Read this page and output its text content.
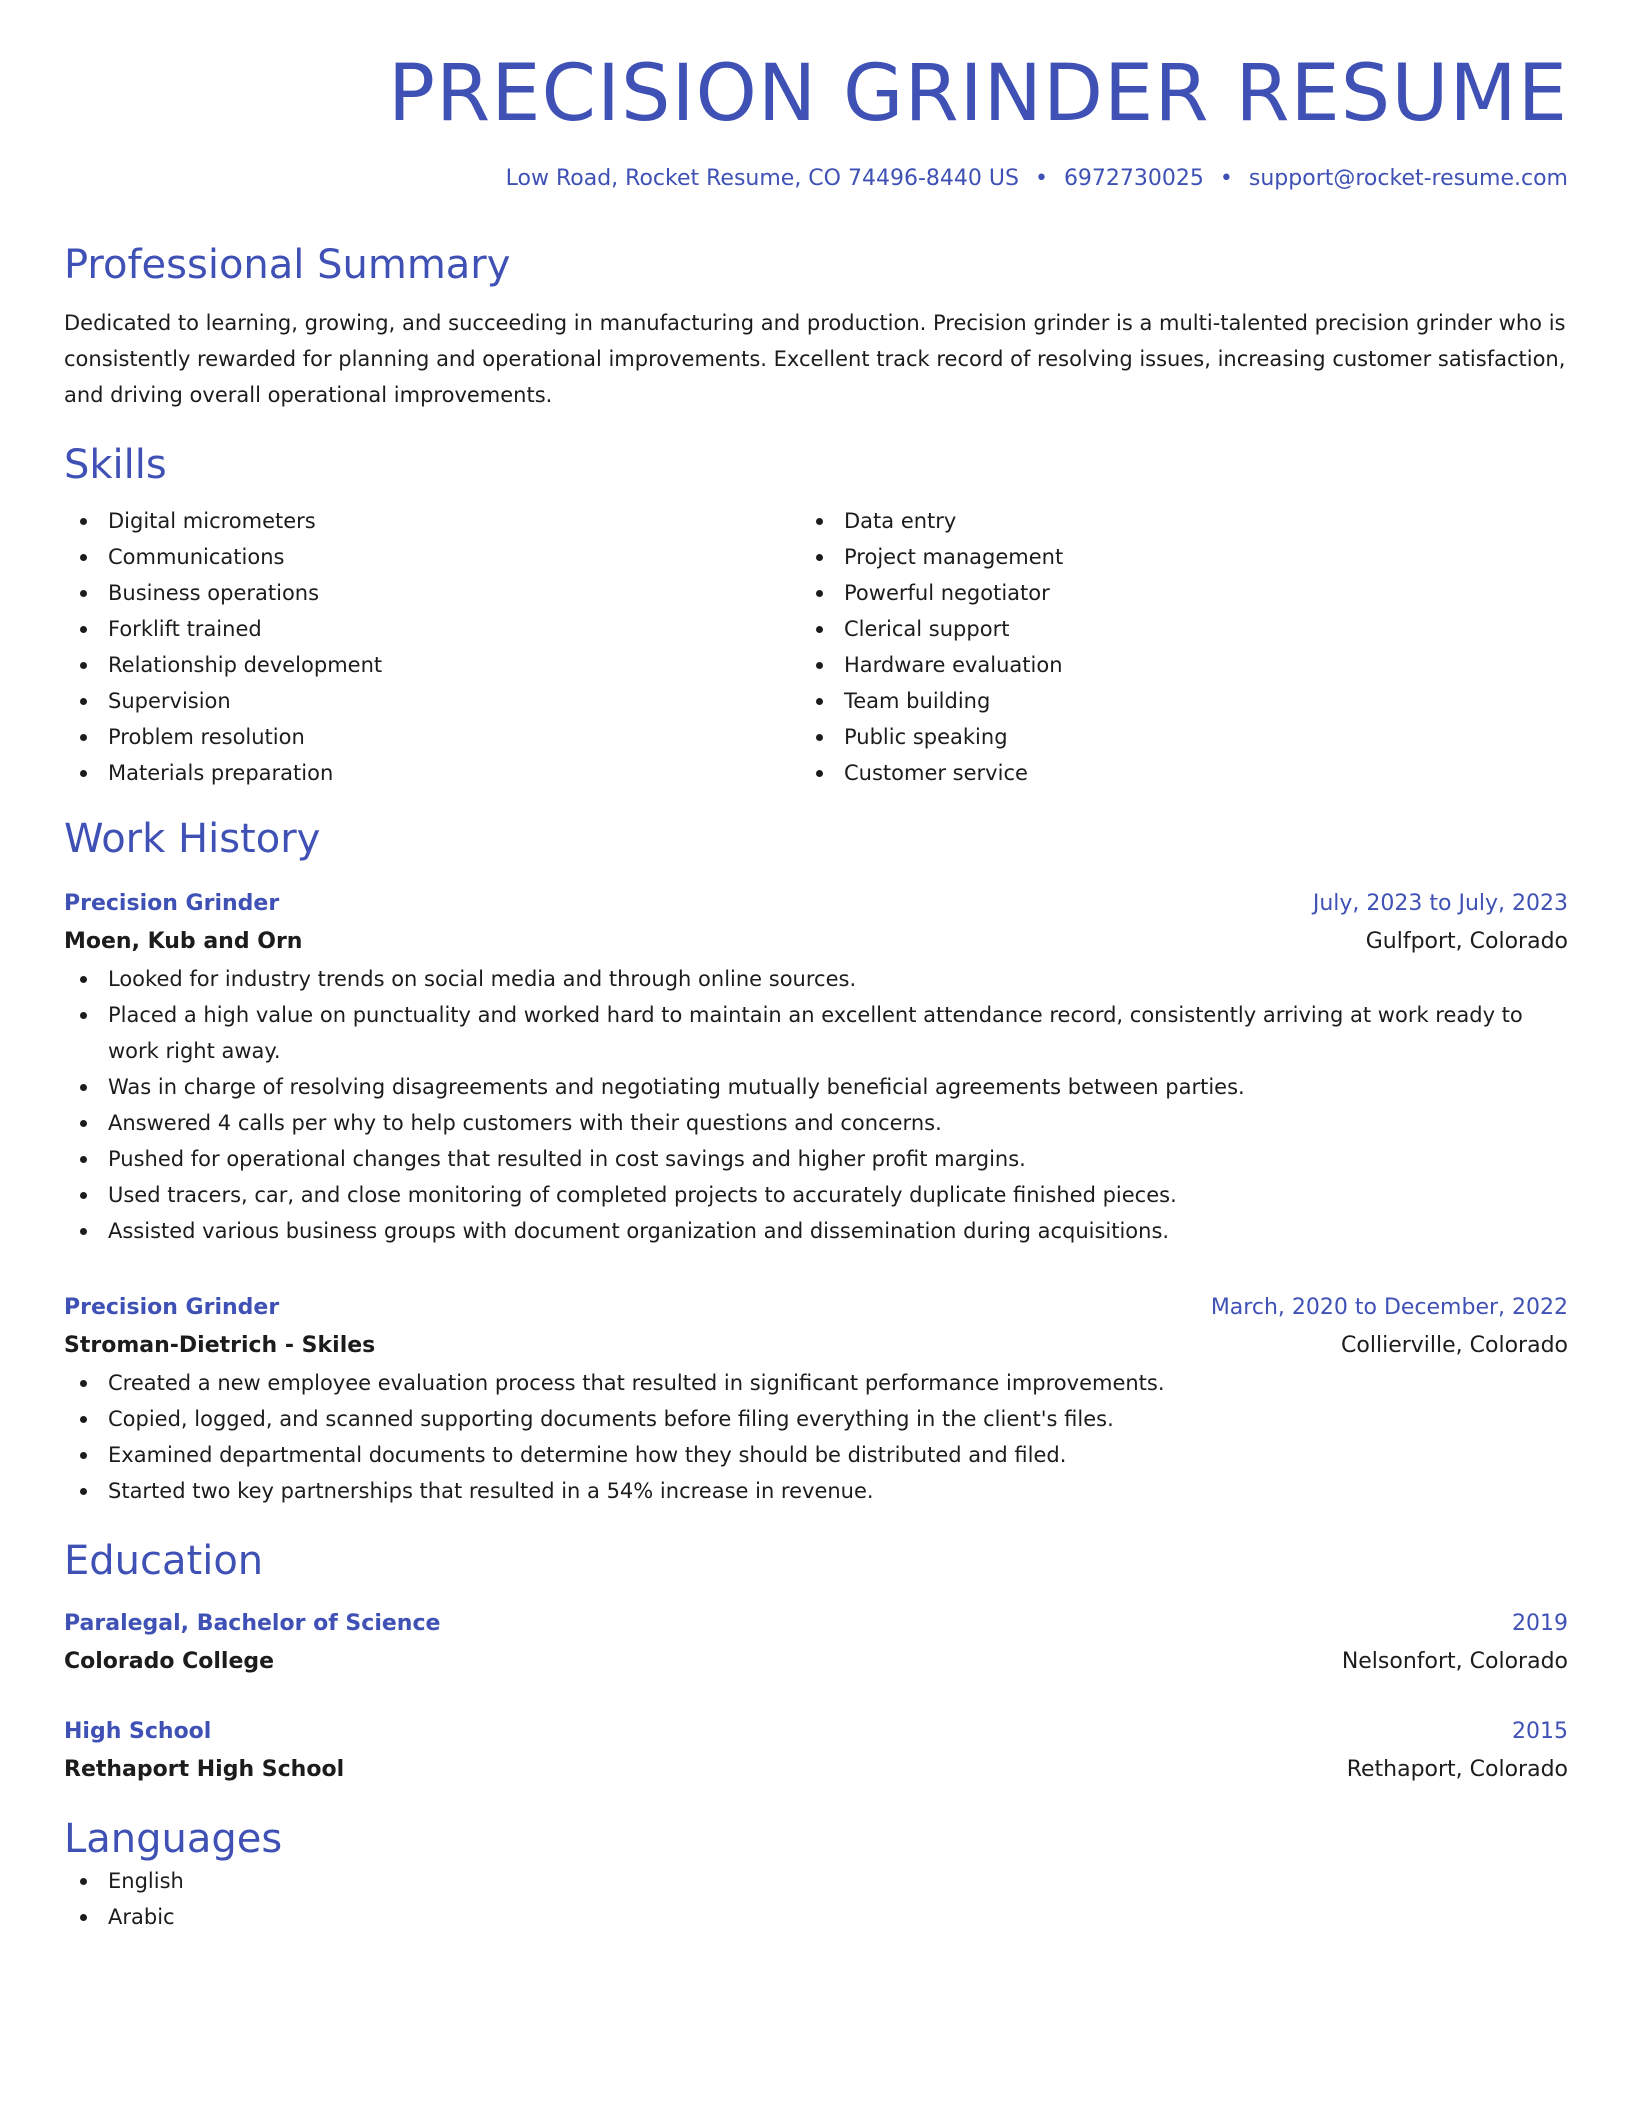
PRECISION GRINDER RESUME
Low Road, Rocket Resume, CO 74496-8440 US • 6972730025 • support@rocket-resume.com
Professional Summary

Dedicated to learning, growing, and succeeding in manufacturing and production. Precision grinder is a multi-talented precision grinder who is consistently rewarded for planning and operational improvements. Excellent track record of resolving issues, increasing customer satisfaction, and driving overall operational improvements.

Skills
Digital micrometers
Communications
Business operations
Forklift trained
Relationship development
Supervision
Problem resolution
Materials preparation
Data entry
Project management
Powerful negotiator
Clerical support
Hardware evaluation
Team building
Public speaking
Customer service
Work History
Precision Grinder	July, 2023 to July, 2023
Moen, Kub and Orn	Gulfport, Colorado
Looked for industry trends on social media and through online sources.
Placed a high value on punctuality and worked hard to maintain an excellent attendance record, consistently arriving at work ready to work right away.
Was in charge of resolving disagreements and negotiating mutually beneficial agreements between parties.
Answered 4 calls per why to help customers with their questions and concerns.
Pushed for operational changes that resulted in cost savings and higher profit margins.
Used tracers, car, and close monitoring of completed projects to accurately duplicate finished pieces.
Assisted various business groups with document organization and dissemination during acquisitions.
Precision Grinder	March, 2020 to December, 2022
Stroman-Dietrich - Skiles	Collierville, Colorado
Created a new employee evaluation process that resulted in significant performance improvements.
Copied, logged, and scanned supporting documents before filing everything in the client's files.
Examined departmental documents to determine how they should be distributed and filed.
Started two key partnerships that resulted in a 54% increase in revenue.
Education
Paralegal, Bachelor of Science	2019
Colorado College	Nelsonfort, Colorado
High School	2015
Rethaport High School	Rethaport, Colorado
Languages
English
Arabic
